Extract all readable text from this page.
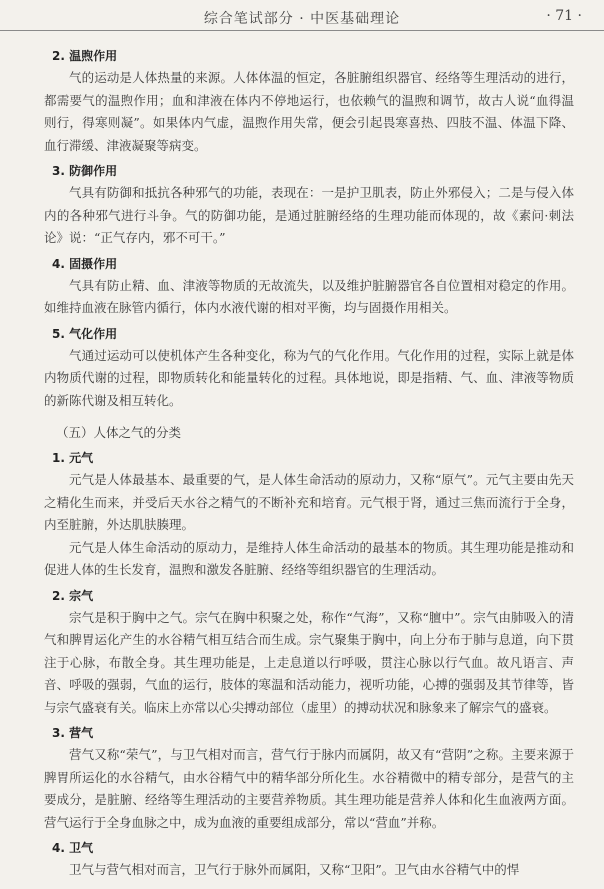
综合笔试部分 · 中医基础理论	· 71 ·
2. 温煦作用

气的运动是人体热量的来源。人体体温的恒定，各脏腑组织器官、经络等生理活动的进行，都需要气的温煦作用；血和津液在体内不停地运行，也依赖气的温煦和调节，故古人说“血得温则行，得寒则凝”。如果体内气虚，温煦作用失常，便会引起畏寒喜热、四肢不温、体温下降、血行滞缓、津液凝聚等病变。

3. 防御作用

气具有防御和抵抗各种邪气的功能，表现在：一是护卫肌表，防止外邪侵入；二是与侵入体内的各种邪气进行斗争。气的防御功能，是通过脏腑经络的生理功能而体现的，故《素问·刺法论》说：“正气存内，邪不可干。”

4. 固摄作用

气具有防止精、血、津液等物质的无故流失，以及维护脏腑器官各自位置相对稳定的作用。如维持血液在脉管内循行，体内水液代谢的相对平衡，均与固摄作用相关。

5. 气化作用

气通过运动可以使机体产生各种变化，称为气的气化作用。气化作用的过程，实际上就是体内物质代谢的过程，即物质转化和能量转化的过程。具体地说，即是指精、气、血、津液等物质的新陈代谢及相互转化。

（五）人体之气的分类
1. 元气

元气是人体最基本、最重要的气，是人体生命活动的原动力，又称“原气”。元气主要由先天之精化生而来，并受后天水谷之精气的不断补充和培育。元气根于肾，通过三焦而流行于全身，内至脏腑，外达肌肤腠理。

元气是人体生命活动的原动力，是维持人体生命活动的最基本的物质。其生理功能是推动和促进人体的生长发育，温煦和激发各脏腑、经络等组织器官的生理活动。

2. 宗气

宗气是积于胸中之气。宗气在胸中积聚之处，称作“气海”，又称“膻中”。宗气由肺吸入的清气和脾胃运化产生的水谷精气相互结合而生成。宗气聚集于胸中，向上分布于肺与息道，向下贯注于心脉，布散全身。其生理功能是，上走息道以行呼吸，贯注心脉以行气血。故凡语言、声音、呼吸的强弱，气血的运行，肢体的寒温和活动能力，视听功能，心搏的强弱及其节律等，皆与宗气盛衰有关。临床上亦常以心尖搏动部位（虚里）的搏动状况和脉象来了解宗气的盛衰。

3. 营气

营气又称“荣气”，与卫气相对而言，营气行于脉内而属阴，故又有“营阴”之称。主要来源于脾胃所运化的水谷精气，由水谷精气中的精华部分所化生。水谷精微中的精专部分，是营气的主要成分，是脏腑、经络等生理活动的主要营养物质。其生理功能是营养人体和化生血液两方面。营气运行于全身血脉之中，成为血液的重要组成部分，常以“营血”并称。

4. 卫气

卫气与营气相对而言，卫气行于脉外而属阳，又称“卫阳”。卫气由水谷精气中的悍
